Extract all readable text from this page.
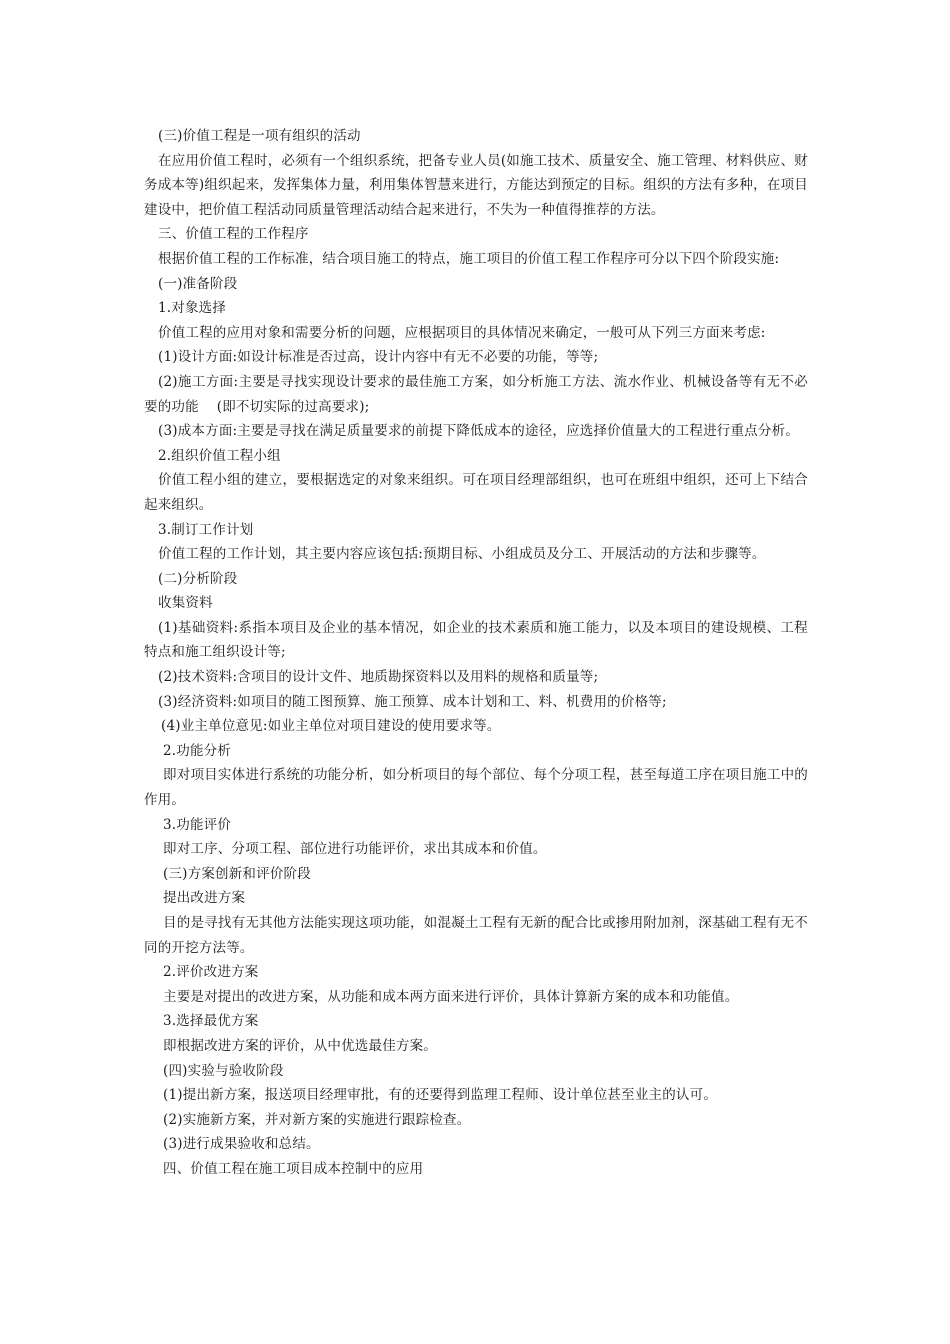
(三)价值工程是一项有组织的活动

在应用价值工程时，必须有一个组织系统，把备专业人员(如施工技术、质量安全、施工管理、材料供应、财务成本等)组织起来，发挥集体力量，利用集体智慧来进行，方能达到预定的目标。组织的方法有多种，在项目建设中，把价值工程活动同质量管理活动结合起来进行，不失为一种值得推荐的方法。

三、价值工程的工作程序

根据价值工程的工作标准，结合项目施工的特点，施工项目的价值工程工作程序可分以下四个阶段实施:

(一)准备阶段

1.对象选择

价值工程的应用对象和需要分析的问题，应根据项目的具体情况来确定，一般可从下列三方面来考虑:

(1)设计方面:如设计标准是否过高，设计内容中有无不必要的功能，等等;

(2)施工方面:主要是寻找实现设计要求的最佳施工方案，如分析施工方法、流水作业、机械设备等有无不必要的功能    (即不切实际的过高要求);

(3)成本方面:主要是寻找在满足质量要求的前提下降低成本的途径，应选择价值量大的工程进行重点分析。

2.组织价值工程小组

价值工程小组的建立，要根据选定的对象来组织。可在项目经理部组织，也可在班组中组织，还可上下结合起来组织。

3.制订工作计划

价值工程的工作计划，其主要内容应该包括:预期目标、小组成员及分工、开展活动的方法和步骤等。

(二)分析阶段

收集资料

(1)基础资料:系指本项目及企业的基本情况，如企业的技术素质和施工能力，以及本项目的建设规模、工程特点和施工组织设计等;

(2)技术资料:含项目的设计文件、地质勘探资料以及用料的规格和质量等;

(3)经济资料:如项目的随工图预算、施工预算、成本计划和工、料、机费用的价格等;

(4)业主单位意见:如业主单位对项目建设的使用要求等。

2.功能分析

即对项目实体进行系统的功能分析，如分析项目的每个部位、每个分项工程，甚至每道工序在项目施工中的作用。

3.功能评价

即对工序、分项工程、部位进行功能评价，求出其成本和价值。

(三)方案创新和评价阶段

提出改进方案

目的是寻找有无其他方法能实现这项功能，如混凝土工程有无新的配合比或掺用附加剂，深基础工程有无不同的开挖方法等。

2.评价改进方案

主要是对提出的改进方案，从功能和成本两方面来进行评价，具体计算新方案的成本和功能值。

3.选择最优方案

即根据改进方案的评价，从中优选最佳方案。

(四)实验与验收阶段

(1)提出新方案，报送项目经理审批，有的还要得到监理工程师、设计单位甚至业主的认可。

(2)实施新方案，并对新方案的实施进行跟踪检查。

(3)进行成果验收和总结。

四、价值工程在施工项目成本控制中的应用
